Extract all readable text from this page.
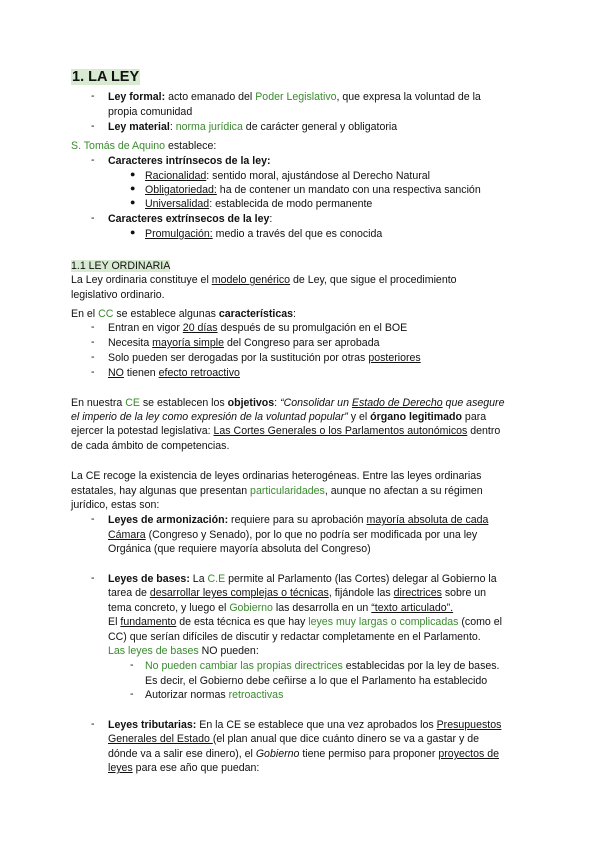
1. LA LEY
-	Ley formal: acto emanado del Poder Legislativo, que expresa la voluntad de la
propia comunidad
-	Ley material: norma jurídica de carácter general y obligatoria
S. Tomás de Aquino establece:
-	Caracteres intrínsecos de la ley:
● Racionalidad: sentido moral, ajustándose al Derecho Natural
● Obligatoriedad: ha de contener un mandato con una respectiva sanción
● Universalidad: establecida de modo permanente
-	Caracteres extrínsecos de la ley:
● Promulgación: medio a través del que es conocida
1.1 LEY ORDINARIA
La Ley ordinaria constituye el modelo genérico de Ley, que sigue el procedimiento
legislativo ordinario.
En el CC se establece algunas características:
-	Entran en vigor 20 días después de su promulgación en el BOE
-	Necesita mayoría simple del Congreso para ser aprobada
-	Solo pueden ser derogadas por la sustitución por otras posteriores
-	NO tienen efecto retroactivo
En nuestra CE se establecen los objetivos: “Consolidar un Estado de Derecho que asegure
el imperio de la ley como expresión de la voluntad popular” y el órgano legitimado para
ejercer la potestad legislativa: Las Cortes Generales o los Parlamentos autonómicos dentro
de cada ámbito de competencias.
La CE recoge la existencia de leyes ordinarias heterogéneas. Entre las leyes ordinarias
estatales, hay algunas que presentan particularidades, aunque no afectan a su régimen
jurídico, estas son:
-	Leyes de armonización: requiere para su aprobación mayoría absoluta de cada
Cámara (Congreso y Senado), por lo que no podría ser modificada por una ley
Orgánica (que requiere mayoría absoluta del Congreso)
-	Leyes de bases: La C.E permite al Parlamento (las Cortes) delegar al Gobierno la
tarea de desarrollar leyes complejas o técnicas, fijándole las directrices sobre un
tema concreto, y luego el Gobierno las desarrolla en un “texto articulado”.
El fundamento de esta técnica es que hay leyes muy largas o complicadas (como el
CC) que serían difíciles de discutir y redactar completamente en el Parlamento.
Las leyes de bases NO pueden:
-	No pueden cambiar las propias directrices establecidas por la ley de bases.
Es decir, el Gobierno debe ceñirse a lo que el Parlamento ha establecido
-	Autorizar normas retroactivas
-	Leyes tributarias: En la CE se establece que una vez aprobados los Presupuestos
Generales del Estado (el plan anual que dice cuánto dinero se va a gastar y de
dónde va a salir ese dinero), el Gobierno tiene permiso para proponer proyectos de
leyes para ese año que puedan:
